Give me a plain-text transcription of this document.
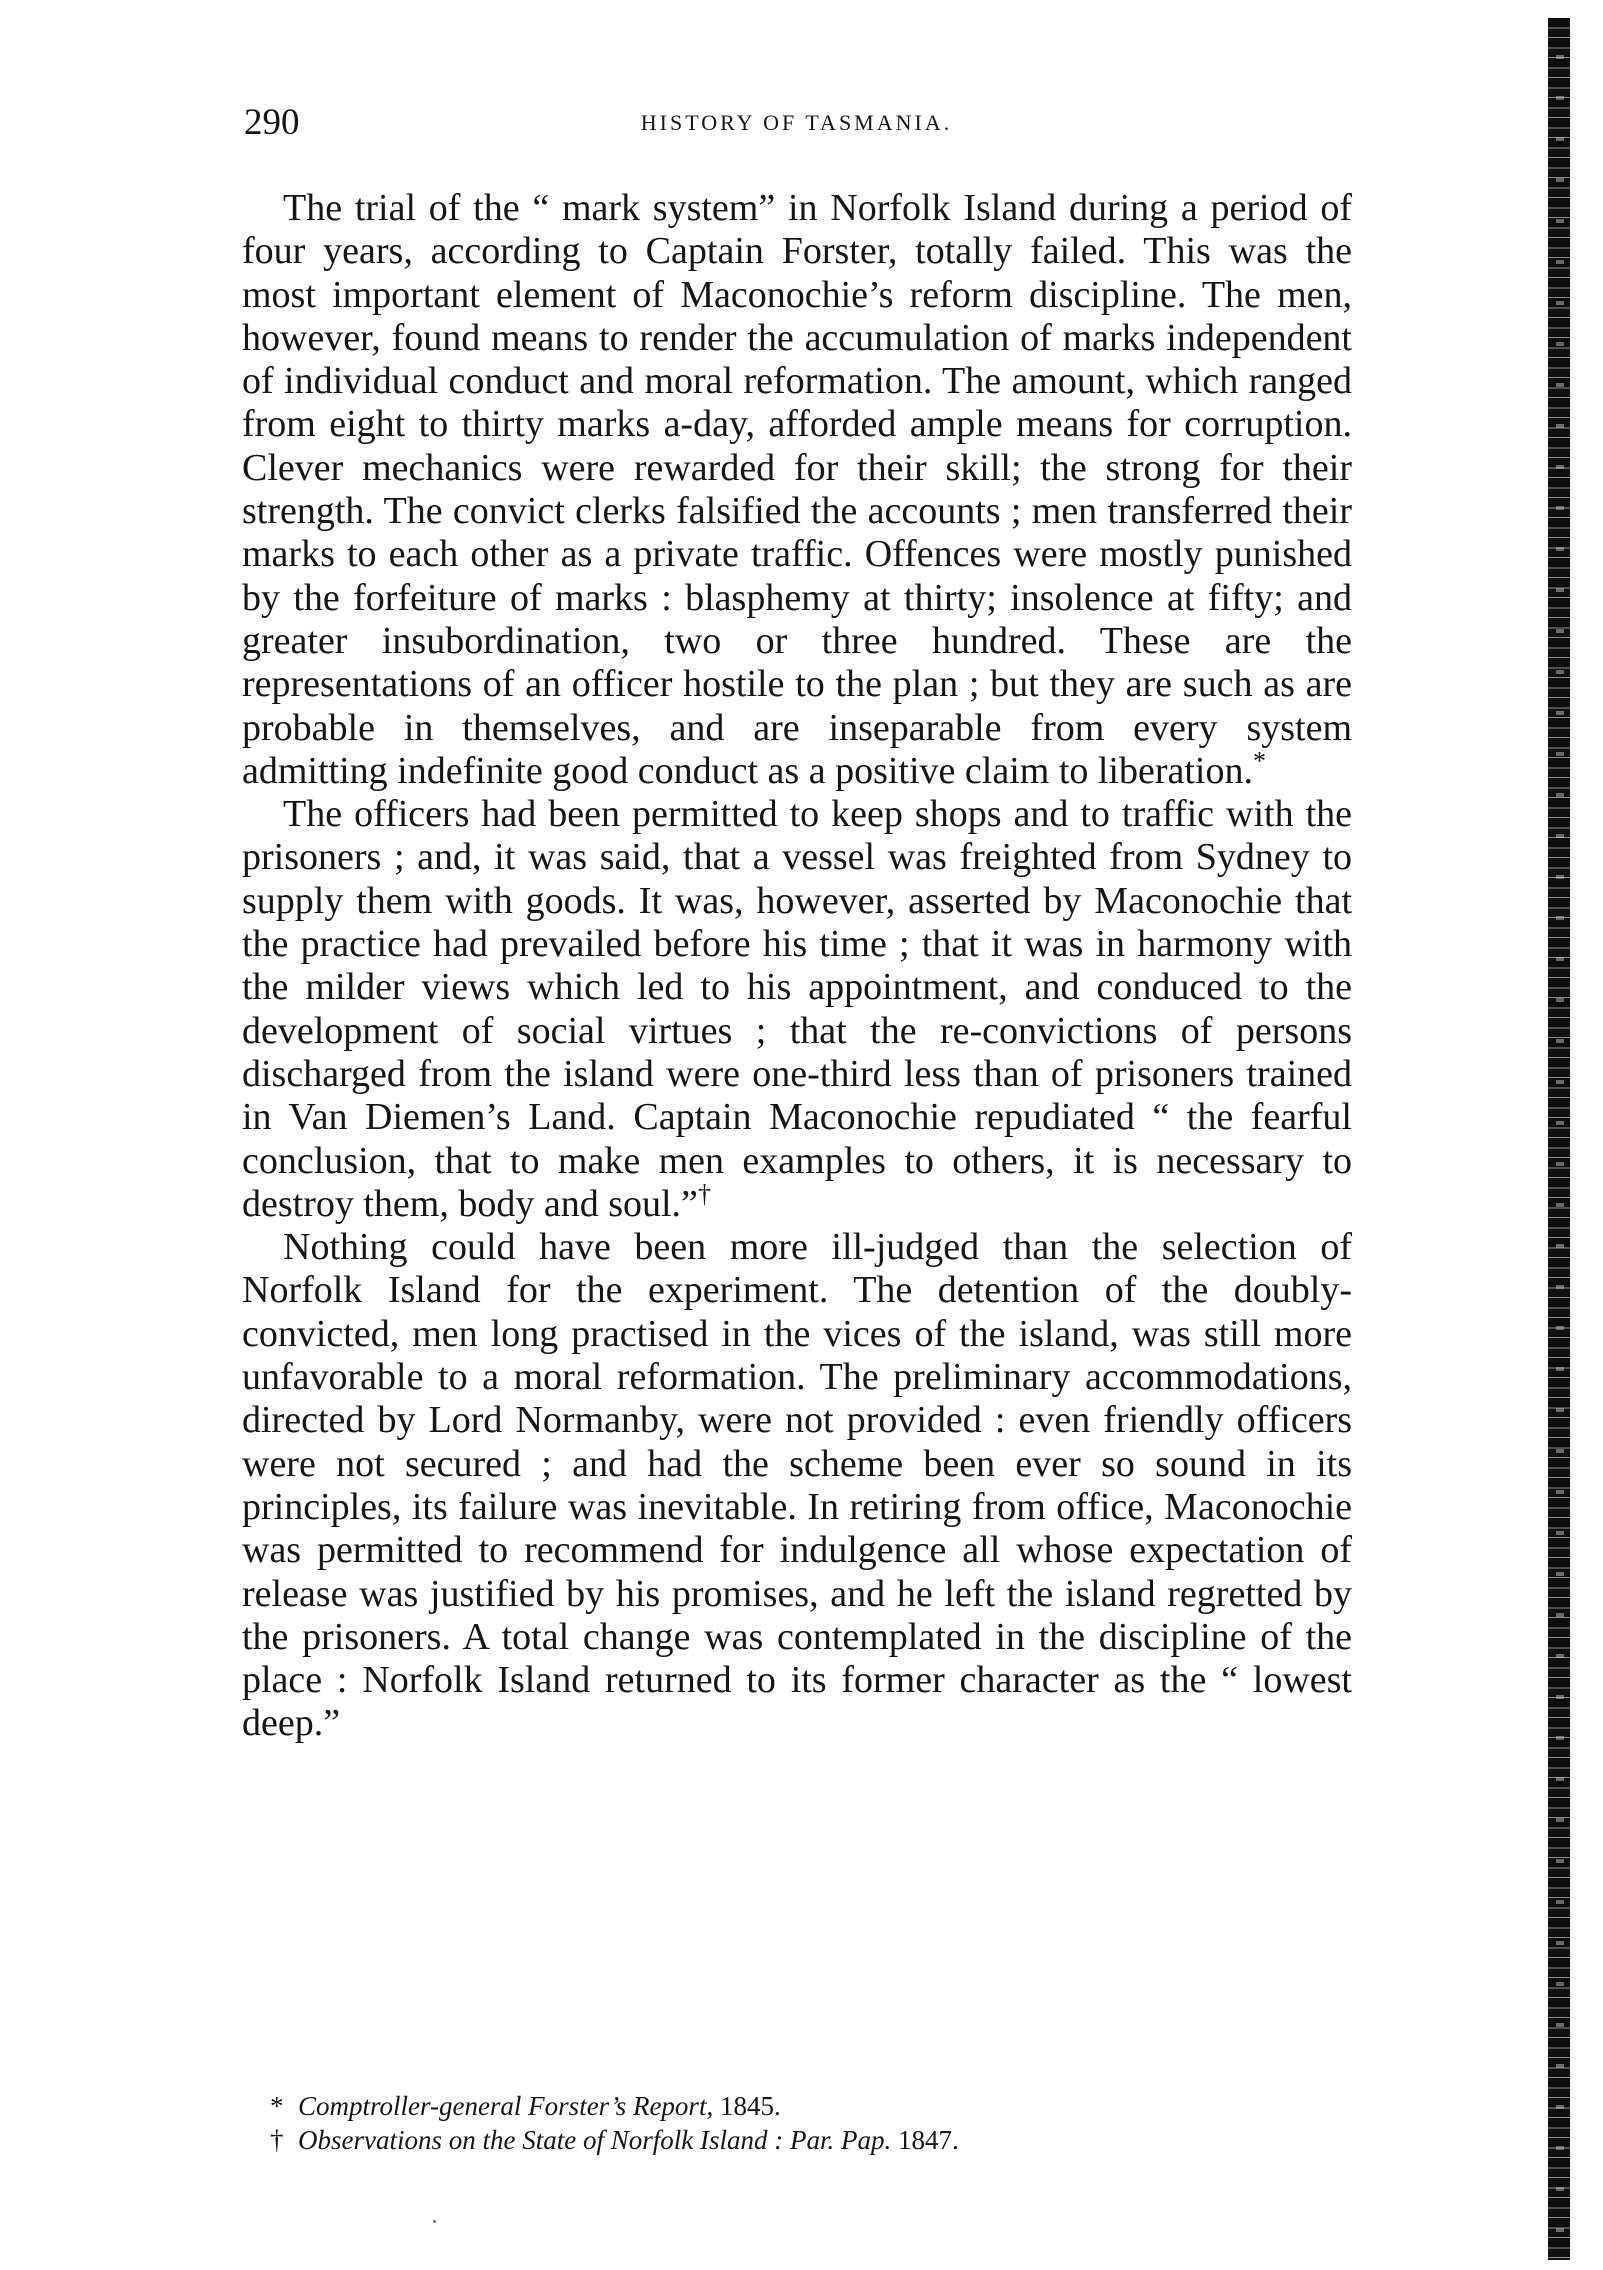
290	HISTORY OF TASMANIA.

The trial of the “ mark system” in Norfolk Island during a period of four years, according to Captain Forster, totally failed. This was the most important element of Maconochie’s reform discipline. The men, however, found means to render the accumulation of marks independent of individual conduct and moral reformation. The amount, which ranged from eight to thirty marks a-day, afforded ample means for corruption. Clever mechanics were rewarded for their skill; the strong for their strength. The convict clerks falsified the accounts ; men transferred their marks to each other as a private traffic. Offences were mostly punished by the forfeiture of marks : blasphemy at thirty; insolence at fifty; and greater insubordination, two or three hundred. These are the representations of an officer hostile to the plan ; but they are such as are probable in themselves, and are inseparable from every system admitting indefinite good conduct as a positive claim to liberation.*

The officers had been permitted to keep shops and to traffic with the prisoners ; and, it was said, that a vessel was freighted from Sydney to supply them with goods. It was, however, asserted by Maconochie that the practice had prevailed before his time ; that it was in harmony with the milder views which led to his appointment, and conduced to the development of social virtues ; that the re-convictions of persons discharged from the island were one-third less than of prisoners trained in Van Diemen’s Land. Captain Maconochie repudiated “ the fearful conclusion, that to make men examples to others, it is necessary to destroy them, body and soul.”†

Nothing could have been more ill-judged than the selection of Norfolk Island for the experiment. The detention of the doubly-convicted, men long practised in the vices of the island, was still more unfavorable to a moral reformation. The preliminary accommodations, directed by Lord Normanby, were not provided : even friendly officers were not secured ; and had the scheme been ever so sound in its principles, its failure was inevitable. In retiring from office, Maconochie was permitted to recommend for indulgence all whose expectation of release was justified by his promises, and he left the island regretted by the prisoners. A total change was contemplated in the discipline of the place : Norfolk Island returned to its former character as the “ lowest deep.”

* Comptroller-general Forster’s Report, 1845.
† Observations on the State of Norfolk Island : Par. Pap. 1847.
